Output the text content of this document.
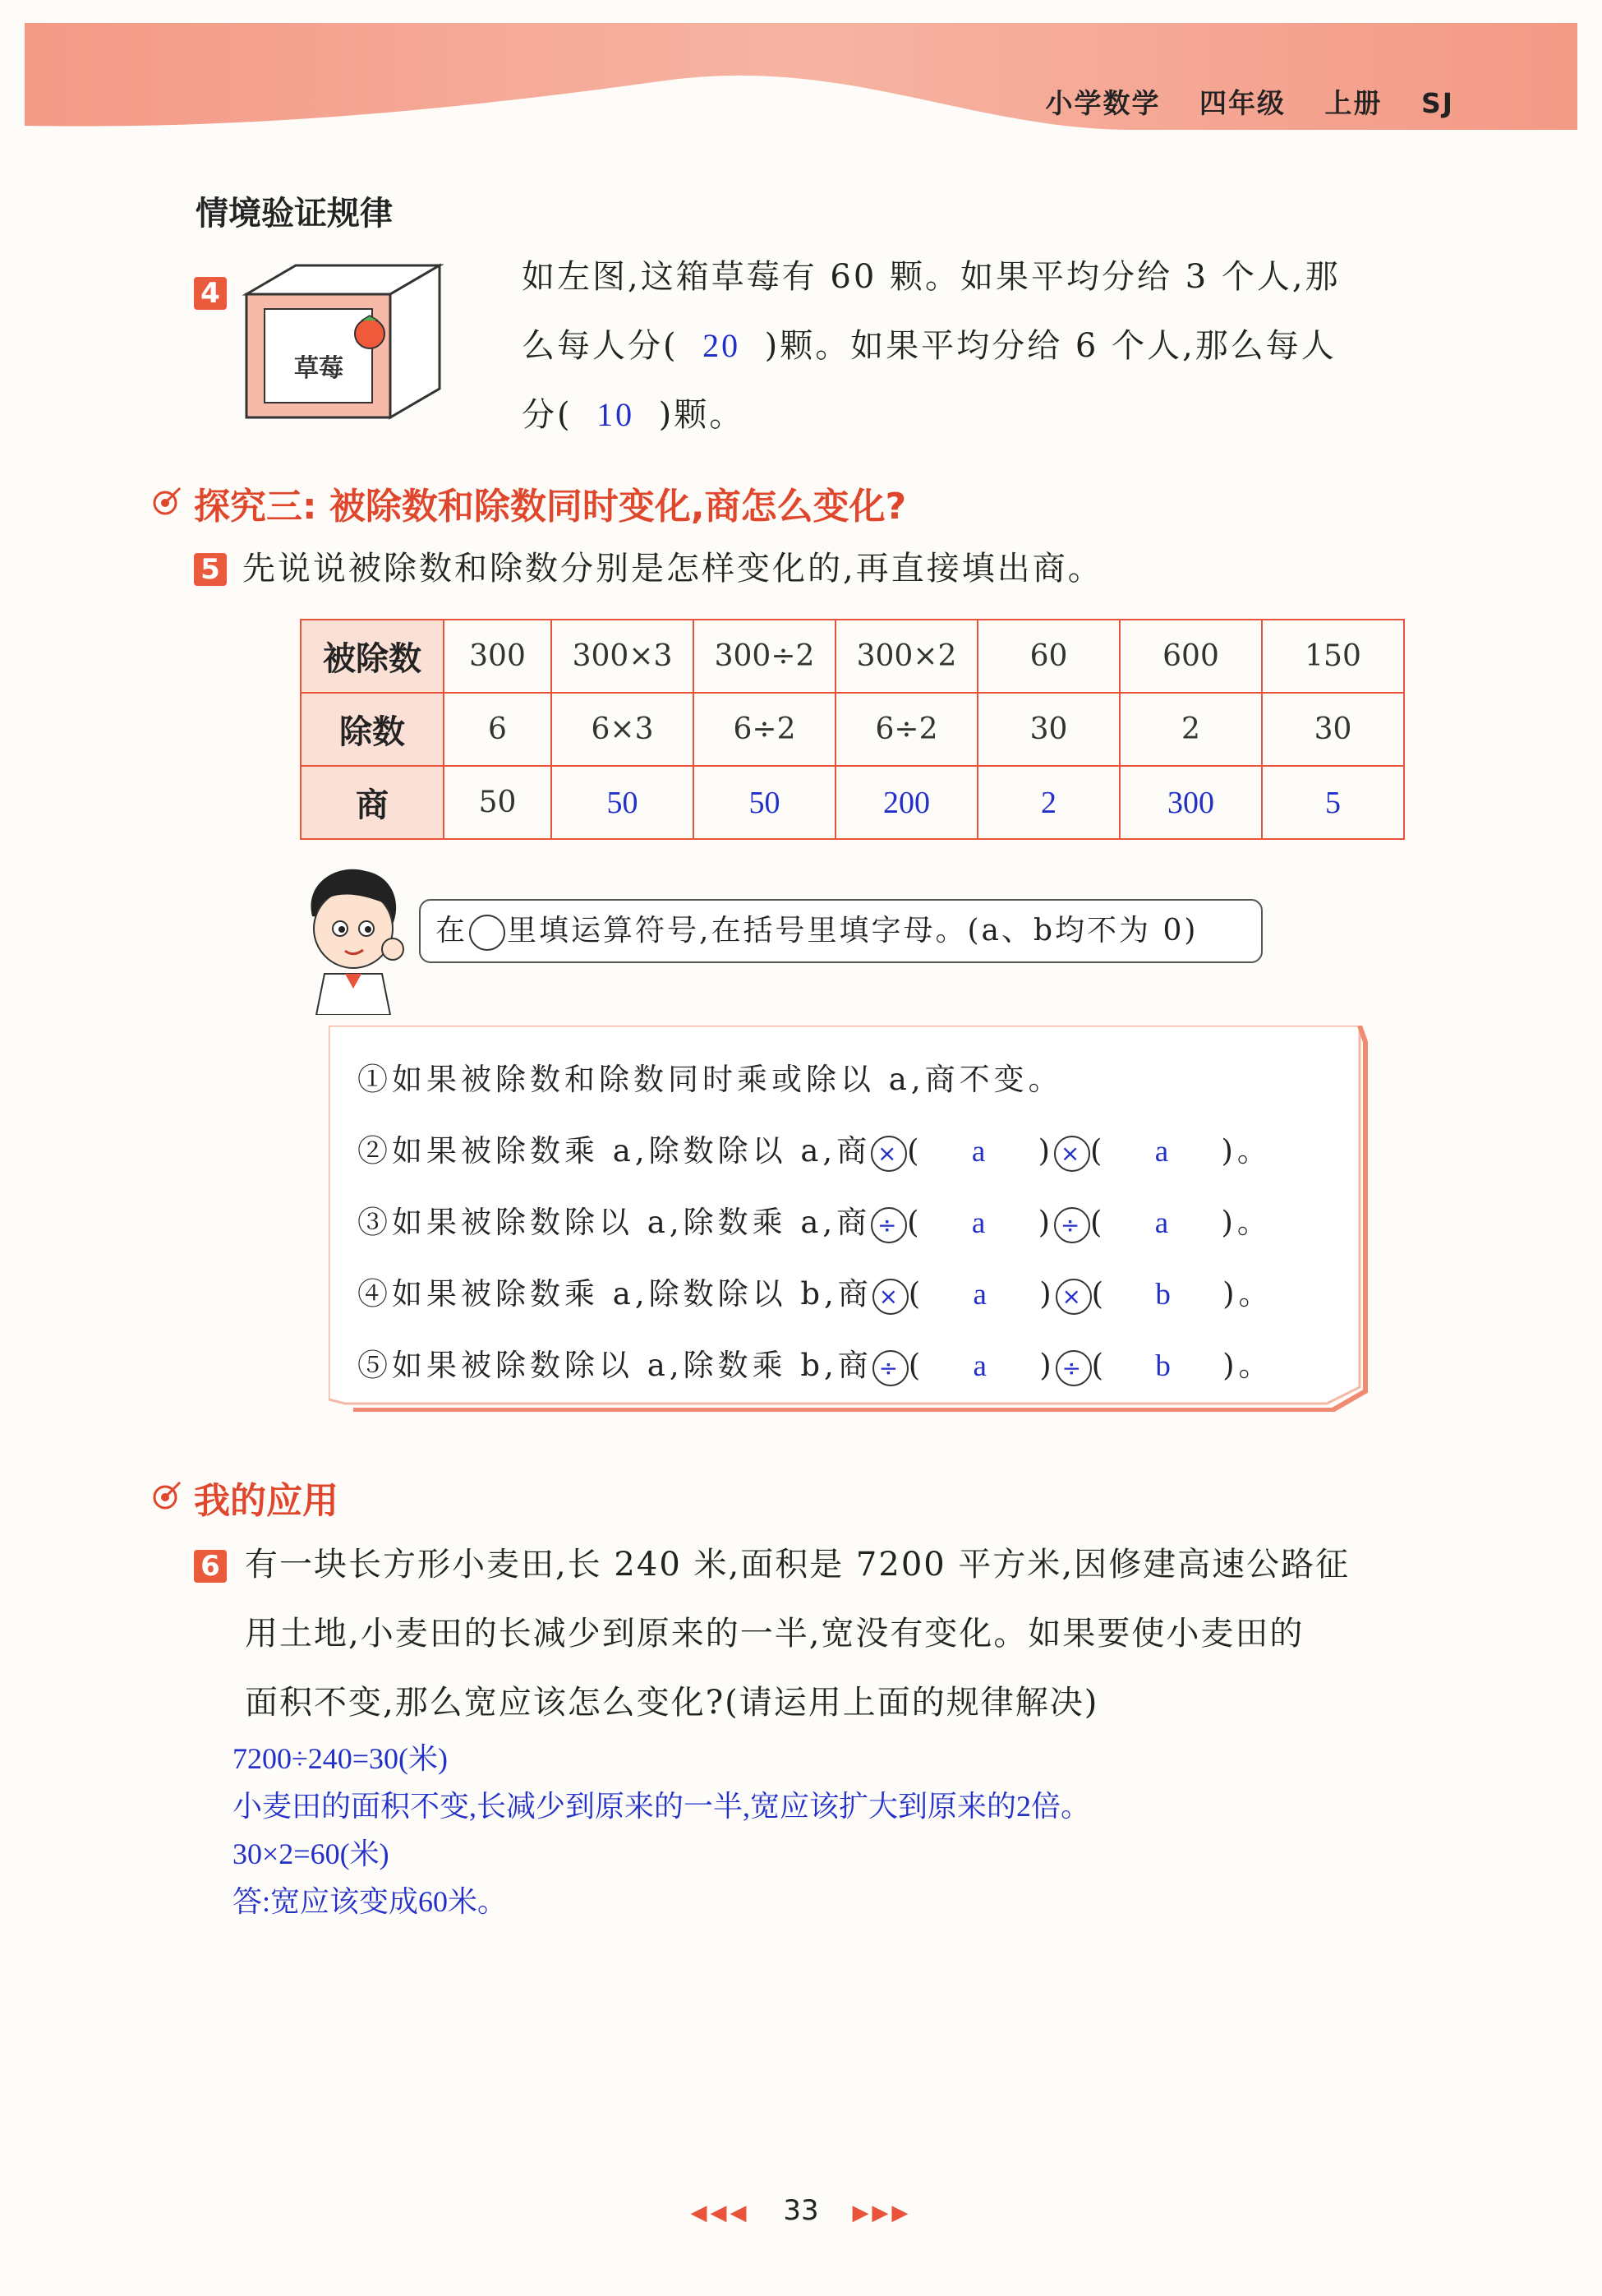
小学数学 四年级 上册 SJ
情境验证规律
4
草莓
如左图,这箱草莓有 60 颗。如果平均分给 3 个人,那
么每人分( 20 )颗。如果平均分给 6 个人,那么每人
分( 10 )颗。
探究三: 被除数和除数同时变化,商怎么变化?
5 先说说被除数和除数分别是怎样变化的,再直接填出商。
被除数	300	300×3	300÷2	300×2	60	600	150
除数	6	6×3	6÷2	6÷2	30	2	30
商	50	50	50	200	2	300	5
在 里填运算符号,在括号里填字母。(a、b均不为 0)
①如果被除数和除数同时乘或除以 a,商不变。
②如果被除数乘 a,除数除以 a,商 × ( a ) × ( a )。
③如果被除数除以 a,除数乘 a,商 ÷ ( a ) ÷ ( a )。
④如果被除数乘 a,除数除以 b,商 × ( a ) × ( b )。
⑤如果被除数除以 a,除数乘 b,商 ÷ ( a ) ÷ ( b )。
我的应用
6 有一块长方形小麦田,长 240 米,面积是 7200 平方米,因修建高速公路征
用土地,小麦田的长减少到原来的一半,宽没有变化。如果要使小麦田的
面积不变,那么宽应该怎么变化?(请运用上面的规律解决)
7200÷240=30(米)
小麦田的面积不变,长减少到原来的一半,宽应该扩大到原来的2倍。
30×2=60(米)
答:宽应该变成60米。
◀◀◀ 33 ▶▶▶
